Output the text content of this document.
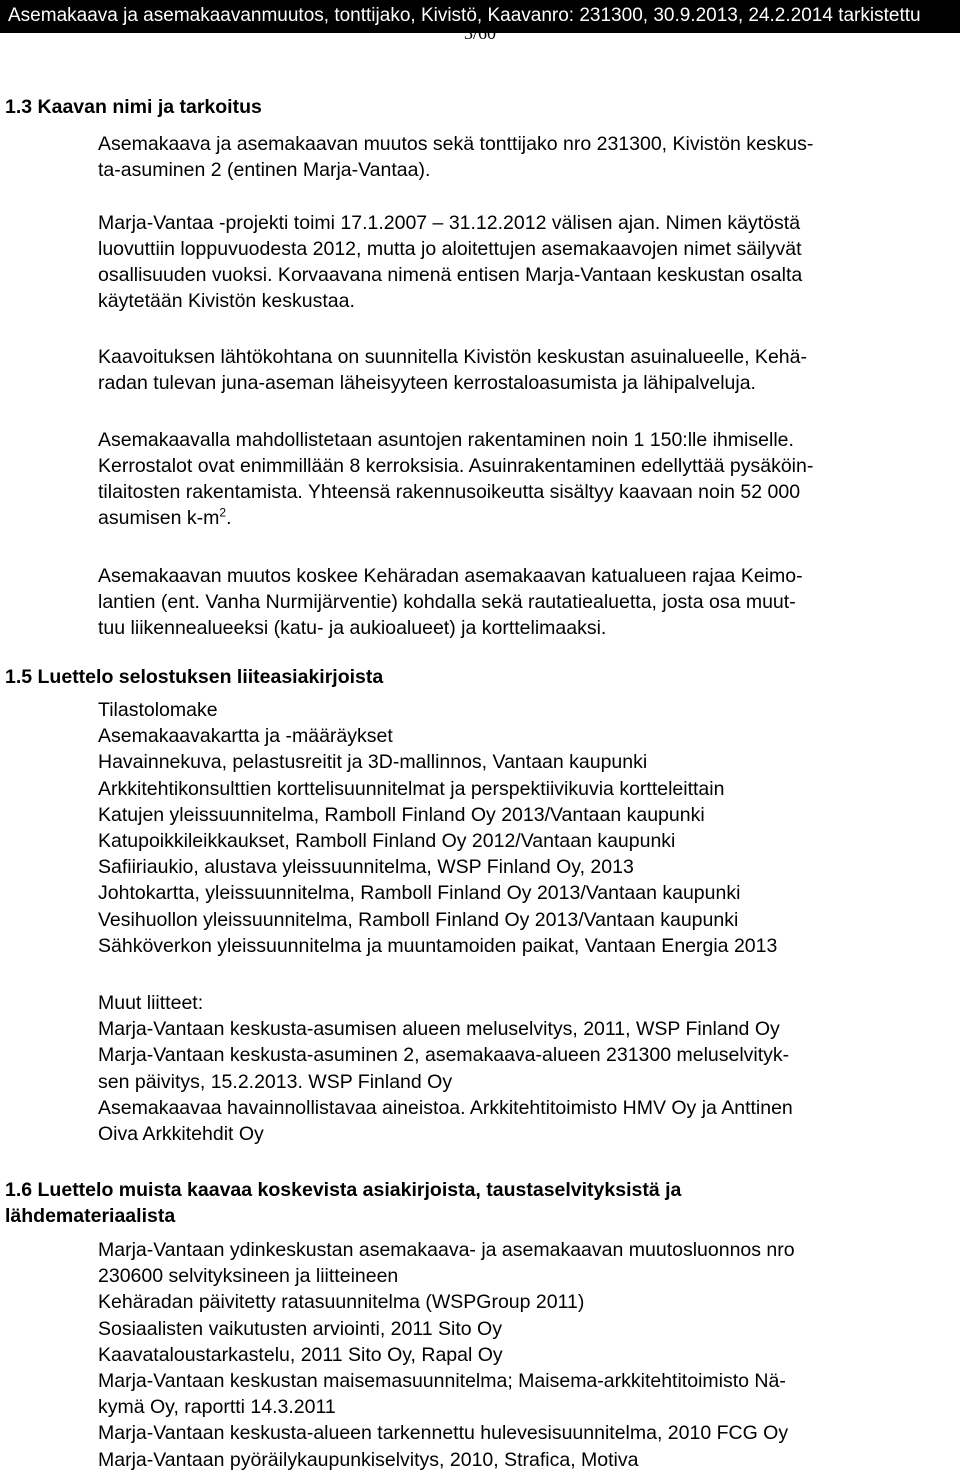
Asemakaava ja asemakaavanmuutos, tonttijako, Kivistö, Kaavanro: 231300, 30.9.2013, 24.2.2014 tarkistettu
3/60
1.3 Kaavan nimi ja tarkoitus

Asemakaava ja asemakaavan muutos sekä tonttijako nro 231300, Kivistön keskus-
ta-asuminen 2 (entinen Marja-Vantaa).

Marja-Vantaa -projekti toimi 17.1.2007 – 31.12.2012 välisen ajan. Nimen käytöstä
luovuttiin loppuvuodesta 2012, mutta jo aloitettujen asemakaavojen nimet säilyvät
osallisuuden vuoksi. Korvaavana nimenä entisen Marja-Vantaan keskustan osalta
käytetään Kivistön keskustaa.

Kaavoituksen lähtökohtana on suunnitella Kivistön keskustan asuinalueelle, Kehä-
radan tulevan juna-aseman läheisyyteen kerrostaloasumista ja lähipalveluja.

Asemakaavalla mahdollistetaan asuntojen rakentaminen noin 1 150:lle ihmiselle.
Kerrostalot ovat enimmillään 8 kerroksisia. Asuinrakentaminen edellyttää pysäköin-
tilaitosten rakentamista. Yhteensä rakennusoikeutta sisältyy kaavaan noin 52 000
asumisen $k-m^2$.

Asemakaavan muutos koskee Kehäradan asemakaavan katualueen rajaa Keimo-
lantien (ent. Vanha Nurmijärventie) kohdalla sekä rautatiealuetta, josta osa muut-
tuu liikennealueeksi (katu- ja aukioalueet) ja korttelimaaksi.

1.5 Luettelo selostuksen liiteasiakirjoista
Tilastolomake
Asemakaavakartta ja -määräykset
Havainnekuva, pelastusreitit ja 3D-mallinnos, Vantaan kaupunki
Arkkitehtikonsulttien korttelisuunnitelmat ja perspektiivikuvia kortteleittain
Katujen yleissuunnitelma, Ramboll Finland Oy 2013/Vantaan kaupunki
Katupoikkileikkaukset, Ramboll Finland Oy 2012/Vantaan kaupunki
Safiiriaukio, alustava yleissuunnitelma, WSP Finland Oy, 2013
Johtokartta, yleissuunnitelma, Ramboll Finland Oy 2013/Vantaan kaupunki
Vesihuollon yleissuunnitelma, Ramboll Finland Oy 2013/Vantaan kaupunki
Sähköverkon yleissuunnitelma ja muuntamoiden paikat, Vantaan Energia 2013
Muut liitteet:
Marja-Vantaan keskusta-asumisen alueen meluselvitys, 2011, WSP Finland Oy
Marja-Vantaan keskusta-asuminen 2, asemakaava-alueen 231300 meluselvityk-
sen päivitys, 15.2.2013. WSP Finland Oy
Asemakaavaa havainnollistavaa aineistoa. Arkkitehtitoimisto HMV Oy ja Anttinen
Oiva Arkkitehdit Oy
1.6 Luettelo muista kaavaa koskevista asiakirjoista, taustaselvityksistä ja
lähdemateriaalista
Marja-Vantaan ydinkeskustan asemakaava- ja asemakaavan muutosluonnos nro
230600 selvityksineen ja liitteineen
Kehäradan päivitetty ratasuunnitelma (WSPGroup 2011)
Sosiaalisten vaikutusten arviointi, 2011 Sito Oy
Kaavataloustarkastelu, 2011 Sito Oy, Rapal Oy
Marja-Vantaan keskustan maisemasuunnitelma; Maisema-arkkitehtitoimisto Nä-
kymä Oy, raportti 14.3.2011
Marja-Vantaan keskusta-alueen tarkennettu hulevesisuunnitelma, 2010 FCG Oy
Marja-Vantaan pyöräilykaupunkiselvitys, 2010, Strafica, Motiva
